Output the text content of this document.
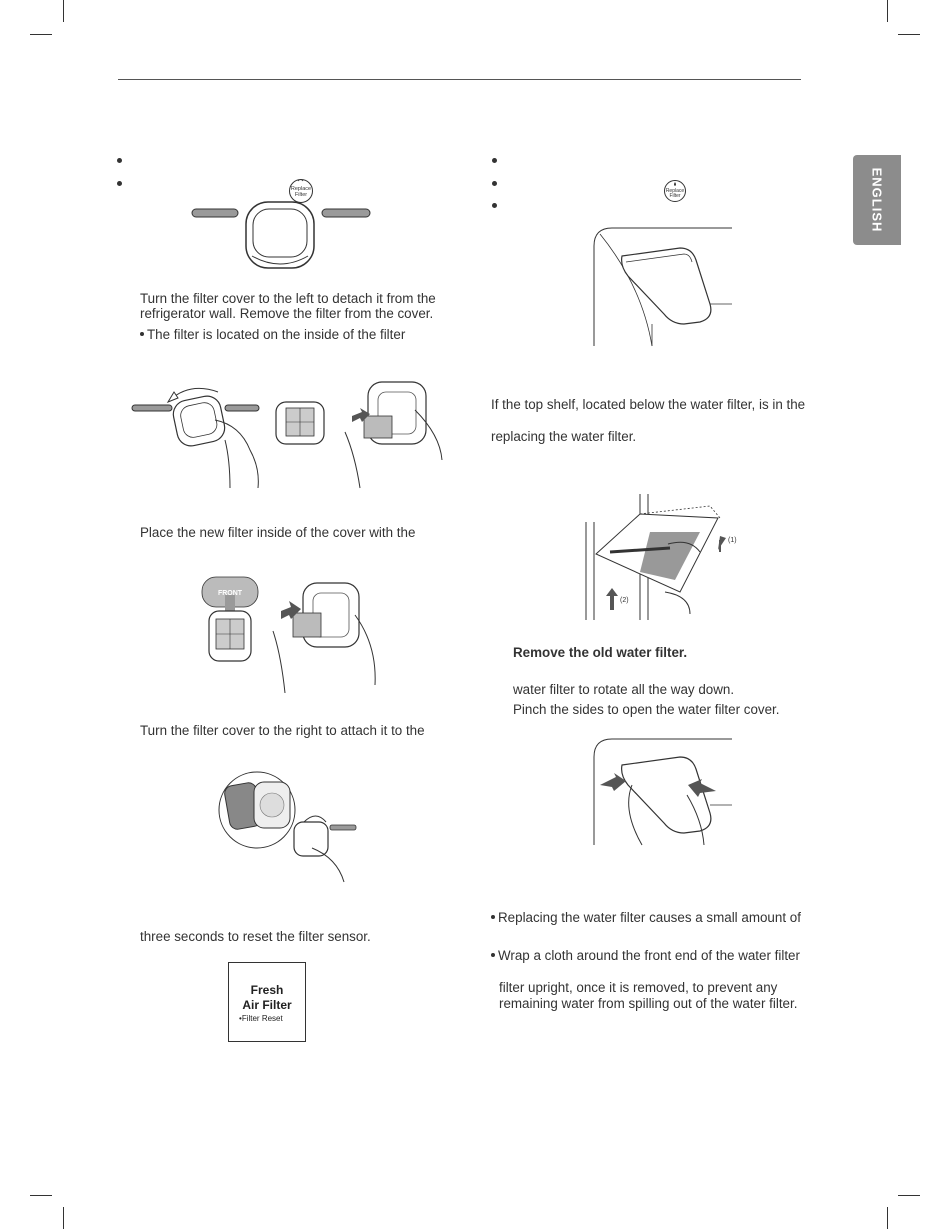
ENGLISH
Replace
Filter
Turn the filter cover to the left to detach it from the
refrigerator wall. Remove the filter from the cover.
The filter is located on the inside of the filter
Place the new filter inside of the cover with the
FRONT
Turn the filter cover to the right to attach it to the
three seconds to reset the filter sensor.
Fresh
Air Filter
•Filter Reset
Replace
Filter
If the top shelf, located below the water filter, is in the
replacing the water filter.
(1)
(2)
Remove the old water filter.
water filter to rotate all the way down.
Pinch the sides to open the water filter cover.
Replacing the water filter causes a small amount of
Wrap a cloth around the front end of the water filter
filter upright, once it is removed, to prevent any
remaining water from spilling out of the water filter.
